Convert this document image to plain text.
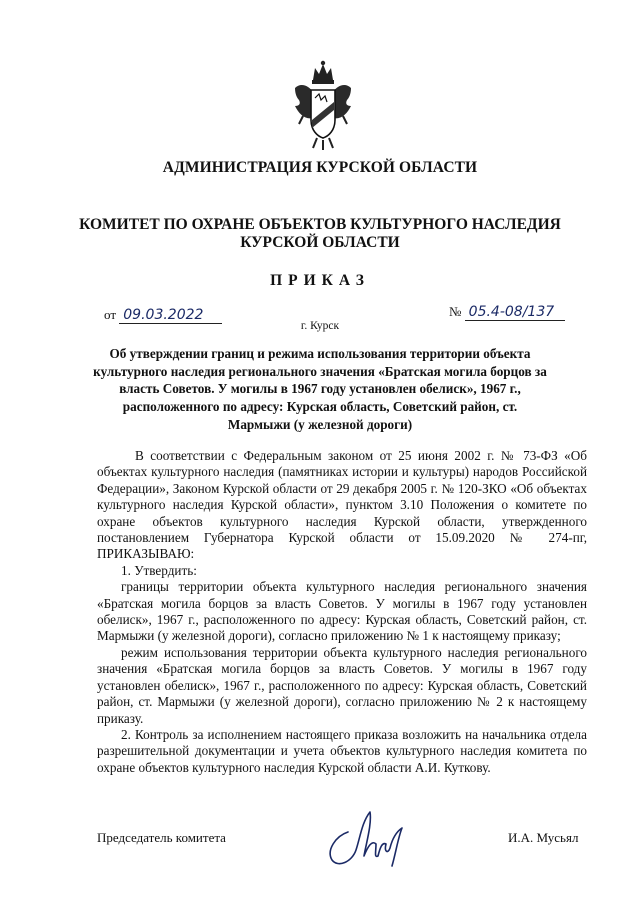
АДМИНИСТРАЦИЯ КУРСКОЙ ОБЛАСТИ
КОМИТЕТ ПО ОХРАНЕ ОБЪЕКТОВ КУЛЬТУРНОГО НАСЛЕДИЯ
КУРСКОЙ ОБЛАСТИ
ПРИКАЗ
от 09.03.2022	№ 05.4-08/137
г. Курск
Об утверждении границ и режима использования территории объекта культурного наследия регионального значения «Братская могила борцов за власть Советов. У могилы в 1967 году установлен обелиск», 1967 г., расположенного по адресу: Курская область, Советский район, ст. Мармыжи (у железной дороги)

В соответствии с Федеральным законом от 25 июня 2002 г. № 73-ФЗ «Об объектах культурного наследия (памятниках истории и культуры) народов Российской Федерации», Законом Курской области от 29 декабря 2005 г. № 120-ЗКО «Об объектах культурного наследия Курской области», пунктом 3.10 Положения о комитете по охране объектов культурного наследия Курской области, утвержденного постановлением Губернатора Курской области от 15.09.2020 № 274-пг, ПРИКАЗЫВАЮ:

1. Утвердить:

границы территории объекта культурного наследия регионального значения «Братская могила борцов за власть Советов. У могилы в 1967 году установлен обелиск», 1967 г., расположенного по адресу: Курская область, Советский район, ст. Мармыжи (у железной дороги), согласно приложению № 1 к настоящему приказу;

режим использования территории объекта культурного наследия регионального значения «Братская могила борцов за власть Советов. У могилы в 1967 году установлен обелиск», 1967 г., расположенного по адресу: Курская область, Советский район, ст. Мармыжи (у железной дороги), согласно приложению № 2 к настоящему приказу.

2. Контроль за исполнением настоящего приказа возложить на начальника отдела разрешительной документации и учета объектов культурного наследия комитета по охране объектов культурного наследия Курской области А.И. Куткову.

Председатель комитета	И.А. Мусьял
